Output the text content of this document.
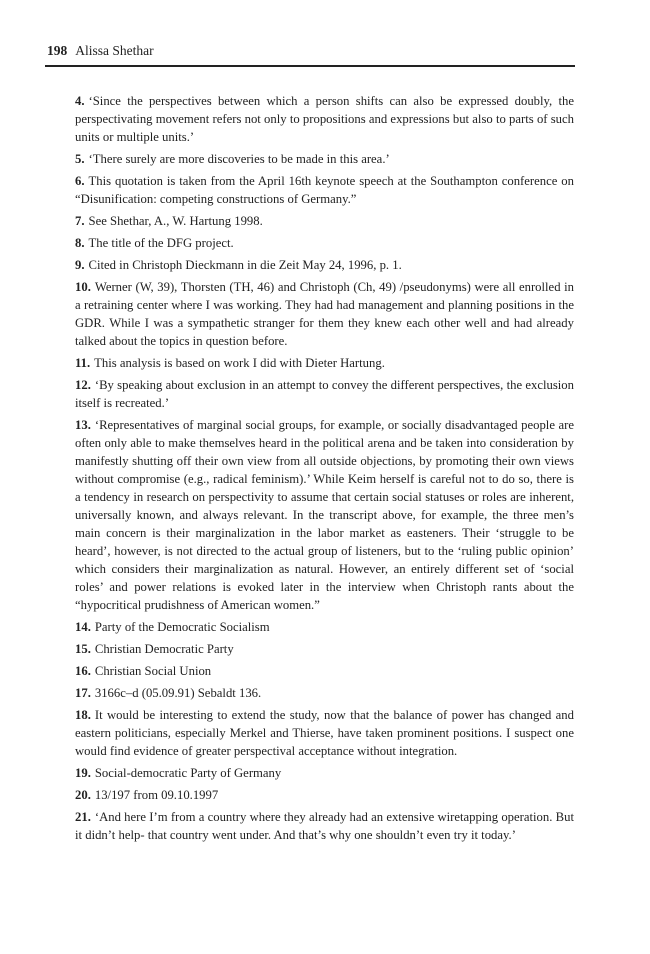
198 Alissa Shethar

4. ‘Since the perspectives between which a person shifts can also be expressed doubly, the perspectivating movement refers not only to propositions and expressions but also to parts of such units or multiple units.’

5. ‘There surely are more discoveries to be made in this area.’

6. This quotation is taken from the April 16th keynote speech at the Southampton conference on “Disunification: competing constructions of Germany.”

7. See Shethar, A., W. Hartung 1998.

8. The title of the DFG project.

9. Cited in Christoph Dieckmann in die Zeit May 24, 1996, p. 1.

10. Werner (W, 39), Thorsten (TH, 46) and Christoph (Ch, 49) /pseudonyms) were all enrolled in a retraining center where I was working. They had had management and planning positions in the GDR. While I was a sympathetic stranger for them they knew each other well and had already talked about the topics in question before.

11. This analysis is based on work I did with Dieter Hartung.

12. ‘By speaking about exclusion in an attempt to convey the different perspectives, the exclusion itself is recreated.’

13. ‘Representatives of marginal social groups, for example, or socially disadvantaged people are often only able to make themselves heard in the political arena and be taken into consideration by manifestly shutting off their own view from all outside objections, by promoting their own views without compromise (e.g., radical feminism).’ While Keim herself is careful not to do so, there is a tendency in research on perspectivity to assume that certain social statuses or roles are inherent, universally known, and always relevant. In the transcript above, for example, the three men’s main concern is their marginalization in the labor market as easteners. Their ‘struggle to be heard’, however, is not directed to the actual group of listeners, but to the ‘ruling public opinion’ which considers their marginalization as natural. However, an entirely different set of ‘social roles’ and power relations is evoked later in the interview when Christoph rants about the “hypocritical prudishness of American women.”

14. Party of the Democratic Socialism

15. Christian Democratic Party

16. Christian Social Union

17. 3166c–d (05.09.91) Sebaldt 136.

18. It would be interesting to extend the study, now that the balance of power has changed and eastern politicians, especially Merkel and Thierse, have taken prominent positions. I suspect one would find evidence of greater perspectival acceptance without integration.

19. Social-democratic Party of Germany

20. 13/197 from 09.10.1997

21. ‘And here I’m from a country where they already had an extensive wiretapping operation. But it didn’t help- that country went under. And that’s why one shouldn’t even try it today.’
